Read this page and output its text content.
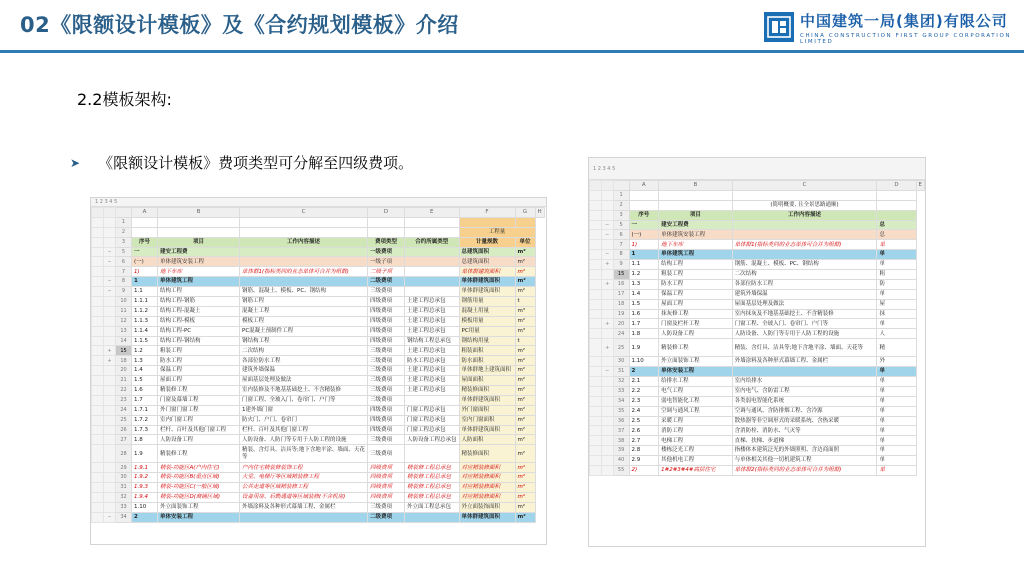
02《限额设计模板》及《合约规划模板》介绍	中国建筑一局(集团)有限公司
CHINA CONSTRUCTION FIRST GROUP CORPORATION LIMITED
2.2模板架构:
➤ 《限额设计模板》费项类型可分解至四级费项。
1 2 3 4 5
			A	B	C	D	E	F	G	H
		1								
		2						工程量		
		3	序号	项目	工作内容描述	费项类型	合约所属类型	计量规数	单位	
	−	5	一	建安工程费		一级费项		总建筑面积	m²	
	−	6	(一)	单体建筑安装工程		一级子项		总建筑面积	m²	
		7	1)	地下车库	单体群1(指标类同的业态单体可合并为组群)	二级子项		单体群建筑面积	m²	
	−	8	1	单体建筑工程		二级费项		单体群建筑面积	m²	
	−	9	1.1	结构工程	钢筋、混凝土、模板、PC、钢结构	三级费项		单体群建筑面积	m²	
		10	1.1.1	结构工程-钢筋	钢筋工程	四级费项	土建工程总承包	钢筋用量	t	
		11	1.1.2	结构工程-混凝土	混凝土工程	四级费项	土建工程总承包	混凝土用量	m³	
		12	1.1.3	结构工程-模板	模板工程	四级费项	土建工程总承包	模板用量	m²	
		13	1.1.4	结构工程-PC	PC混凝土预制件工程	四级费项	土建工程总承包	PC用量	m³	
		14	1.1.5	结构工程-钢结构	钢结构工程	四级费项	钢结构工程总承包	钢结构用量	t	
	+	15	1.2	粗装工程	二次结构	三级费项	土建工程总承包	粗装面积	m²	
	+	18	1.3	防水工程	各部位防水工程	三级费项	防水工程总承包	防水面积	m²	
		20	1.4	保温工程	建筑外墙保温	三级费项	土建工程总承包	单体群地上建筑面积	m²	
		21	1.5	屋面工程	屋面基层处理及做法	三级费项	土建工程总承包	屋面面积	m²	
		22	1.6	精装修工程	室内装修及不地基基础挖土、不含精装修	三级费项	土建工程总承包	精装修面积	m²	
		23	1.7	门窗及幕墙工程	门窗工程、全玻入门、卷帘门、户门等	三级费项		单体群建筑面积	m²	
		24	1.7.1	外门窗门窗工程	1建外墙门窗	四级费项	门窗工程总承包	外门窗面积	m²	
		25	1.7.2	室内门窗工程	防火门、户门、卷帘门	四级费项	门窗工程总承包	室内门窗面积	m²	
		26	1.7.3	栏杆、百叶及其他门窗工程	栏杆、百叶及其他门窗工程	四级费项	门窗工程总承包	单体群建筑面积	m²	
		27	1.8	人防设备工程	人防设备、人防门等专用于人防工程的设施	三级费项	人防设备工程总承包	人防面积	m²	
		28	1.9	精装修工程	精装、含灯具、洁具等;地下含地平涂、墙面、天花等	三级费项		精装修面积	m²	
		29	1.9.1	精装-功能区A(户内住宅)	户内住宅精装修装饰工程	四级费项	精装修工程总承包	对应精装修面积	m²	
		30	1.9.2	精装-功能区B(重点区域)	大堂、电梯厅等区域精装修工程	四级费项	精装修工程总承包	对应精装修面积	m²	
		31	1.9.3	精装-功能区C(一般区域)	公共走道等区域精装修工程	四级费项	精装修工程总承包	对应精装修面积	m²	
		32	1.9.4	精装-功能区D(商铺区域)	设备用房、后勤通道等区域装修(不含机房)	四级费项	精装修工程总承包	对应精装修面积	m²	
		33	1.10	外立面装饰工程	外墙涂料及各种形式幕墙工程、金属栏	三级费项	外立面工程总承包	外立面装饰面积	m²	
	−	34	2	单体安装工程		二级费项		单体群建筑面积	m²	
1 2 3 4 5
			A	B	C	D	E
		1					
		2			(简明概要, 且全景思路通顺)		
		3	序号	项目	工作内容描述		
	−	5	一	建安工程费		总	
	−	6	(一)	单体建筑安装工程		总	
		7	1)	地下车库	单体群1(指标类同的业态单体可合并为组群)	单	
	−	8	1	单体建筑工程		单	
	+	9	1.1	结构工程	钢筋、混凝土、模板、PC、钢结构	单	
		15	1.2	粗装工程	二次结构	粗	
	+	16	1.3	防水工程	各部位防水工程	防	
		17	1.4	保温工程	建筑外墙保温	单	
		18	1.5	屋面工程	屋面基层处理及做法	屋	
		19	1.6	抹灰修工程	室内抹灰及不地基基础挖土、不含精装修	抹	
	+	20	1.7	门窗及栏杆工程	门窗工程、全玻入门、卷帘门、户门等	单	
		24	1.8	人防设备工程	人防设备、人防门等专用于人防工程的设施	人	
	+	25	1.9	精装修工程	精装、含灯具、洁具等;地下含地平涂、墙面、天花等	精	
		30	1.10	外立面装饰工程	外墙涂料及各种形式幕墙工程、金属栏	外	
	−	31	2	单体安装工程		单	
		32	2.1	给排水工程	室内给排水	单	
		33	2.2	电气工程	室内电气、含防雷工程	单	
		34	2.3	弱电智能化工程	各类弱电智能化系统	单	
		35	2.4	空调与通风工程	空调与通风、含防排烟工程、含冷源	单	
		36	2.5	采暖工程	散热器等非空调形式的采暖系统、含热采暖	单	
		37	2.6	消防工程	含消防栓、消防水、气灭等	单	
		38	2.7	电梯工程	直梯、扶梯、步道梯	单	
		39	2.8	楼栋泛光工程	指楼体本建筑泛光的外墙照明、含边商面照	单	
		40	2.9	其他机电工程	与单体相关其他一切机建筑工程	单	
		55	2)	1#2#3#4#高层住宅	单体群2(指标类同的业态单体可合并为组群)	单	
